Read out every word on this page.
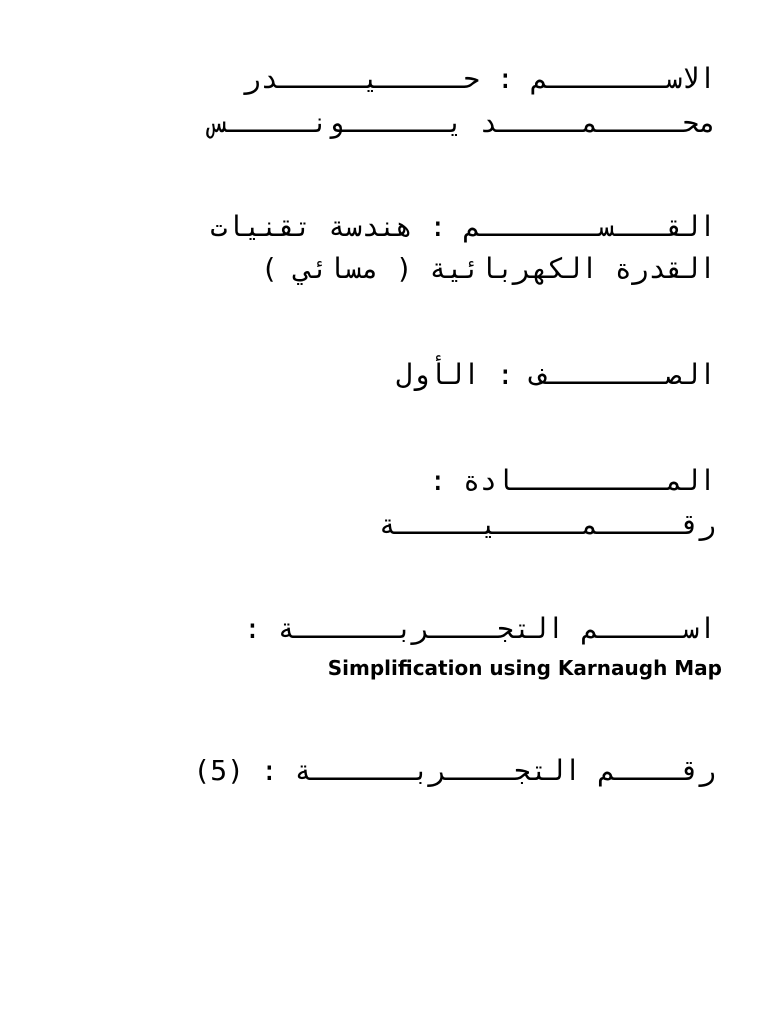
الاســـــــم : حـــــيـــــدر
محـــــمـــــد يــــــونـــــس
القـــســـــــم : هندسة تقنيات
القدرة الكهربائية ( مسائي )
الصـــــــف : الأول
المـــــــــادة :
رقـــــمـــــيـــــة
اســـــم التجــــربــــــة :
Simplification using Karnaugh Map
رقــــم التجــــربــــــة : (5)
